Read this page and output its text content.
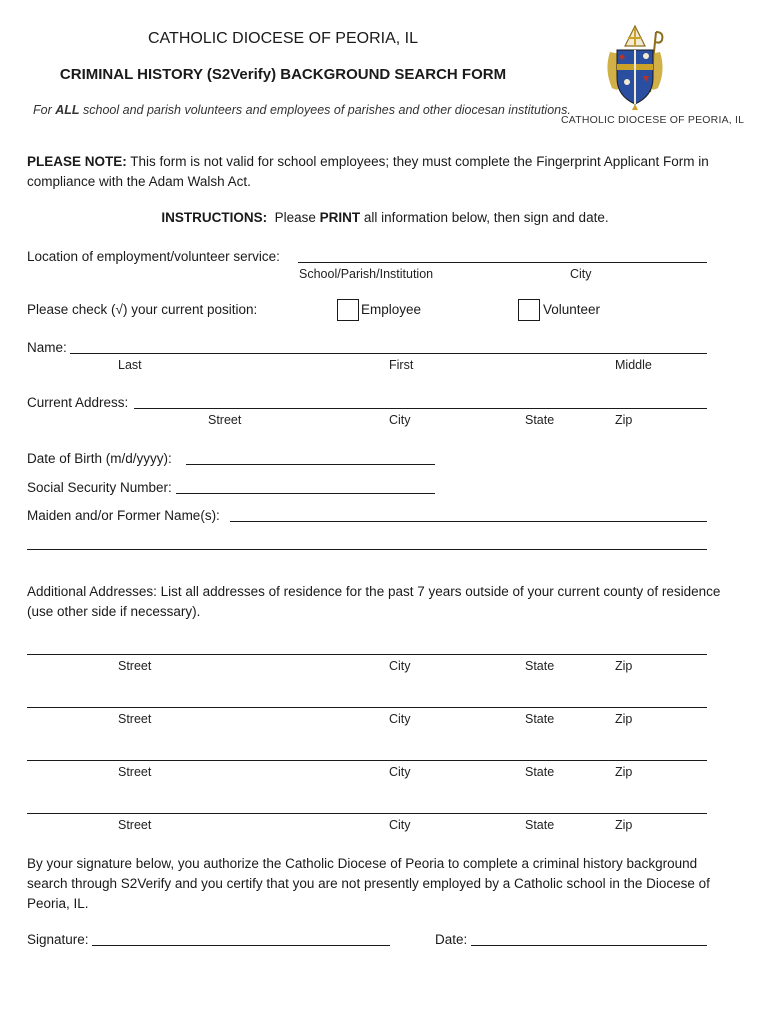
CATHOLIC DIOCESE OF PEORIA, IL
CRIMINAL HISTORY (S2Verify) BACKGROUND SEARCH FORM
For ALL school and parish volunteers and employees of parishes and other diocesan institutions.
CATHOLIC DIOCESE OF PEORIA, IL
PLEASE NOTE: This form is not valid for school employees; they must complete the Fingerprint Applicant Form in compliance with the Adam Walsh Act.
INSTRUCTIONS:  Please PRINT all information below, then sign and date.
Location of employment/volunteer service:
School/Parish/Institution	City
Please check (√) your current position:	Employee	Volunteer
Name:
Last	First	Middle
Current Address:
Street	City	State	Zip
Date of Birth (m/d/yyyy):
Social Security Number:
Maiden and/or Former Name(s):
Additional Addresses: List all addresses of residence for the past 7 years outside of your current county of residence (use other side if necessary).
Street	City	State	Zip
Street	City	State	Zip
Street	City	State	Zip
Street	City	State	Zip
By your signature below, you authorize the Catholic Diocese of Peoria to complete a criminal history background search through S2Verify and you certify that you are not presently employed by a Catholic school in the Diocese of Peoria, IL.
Signature:	Date:
